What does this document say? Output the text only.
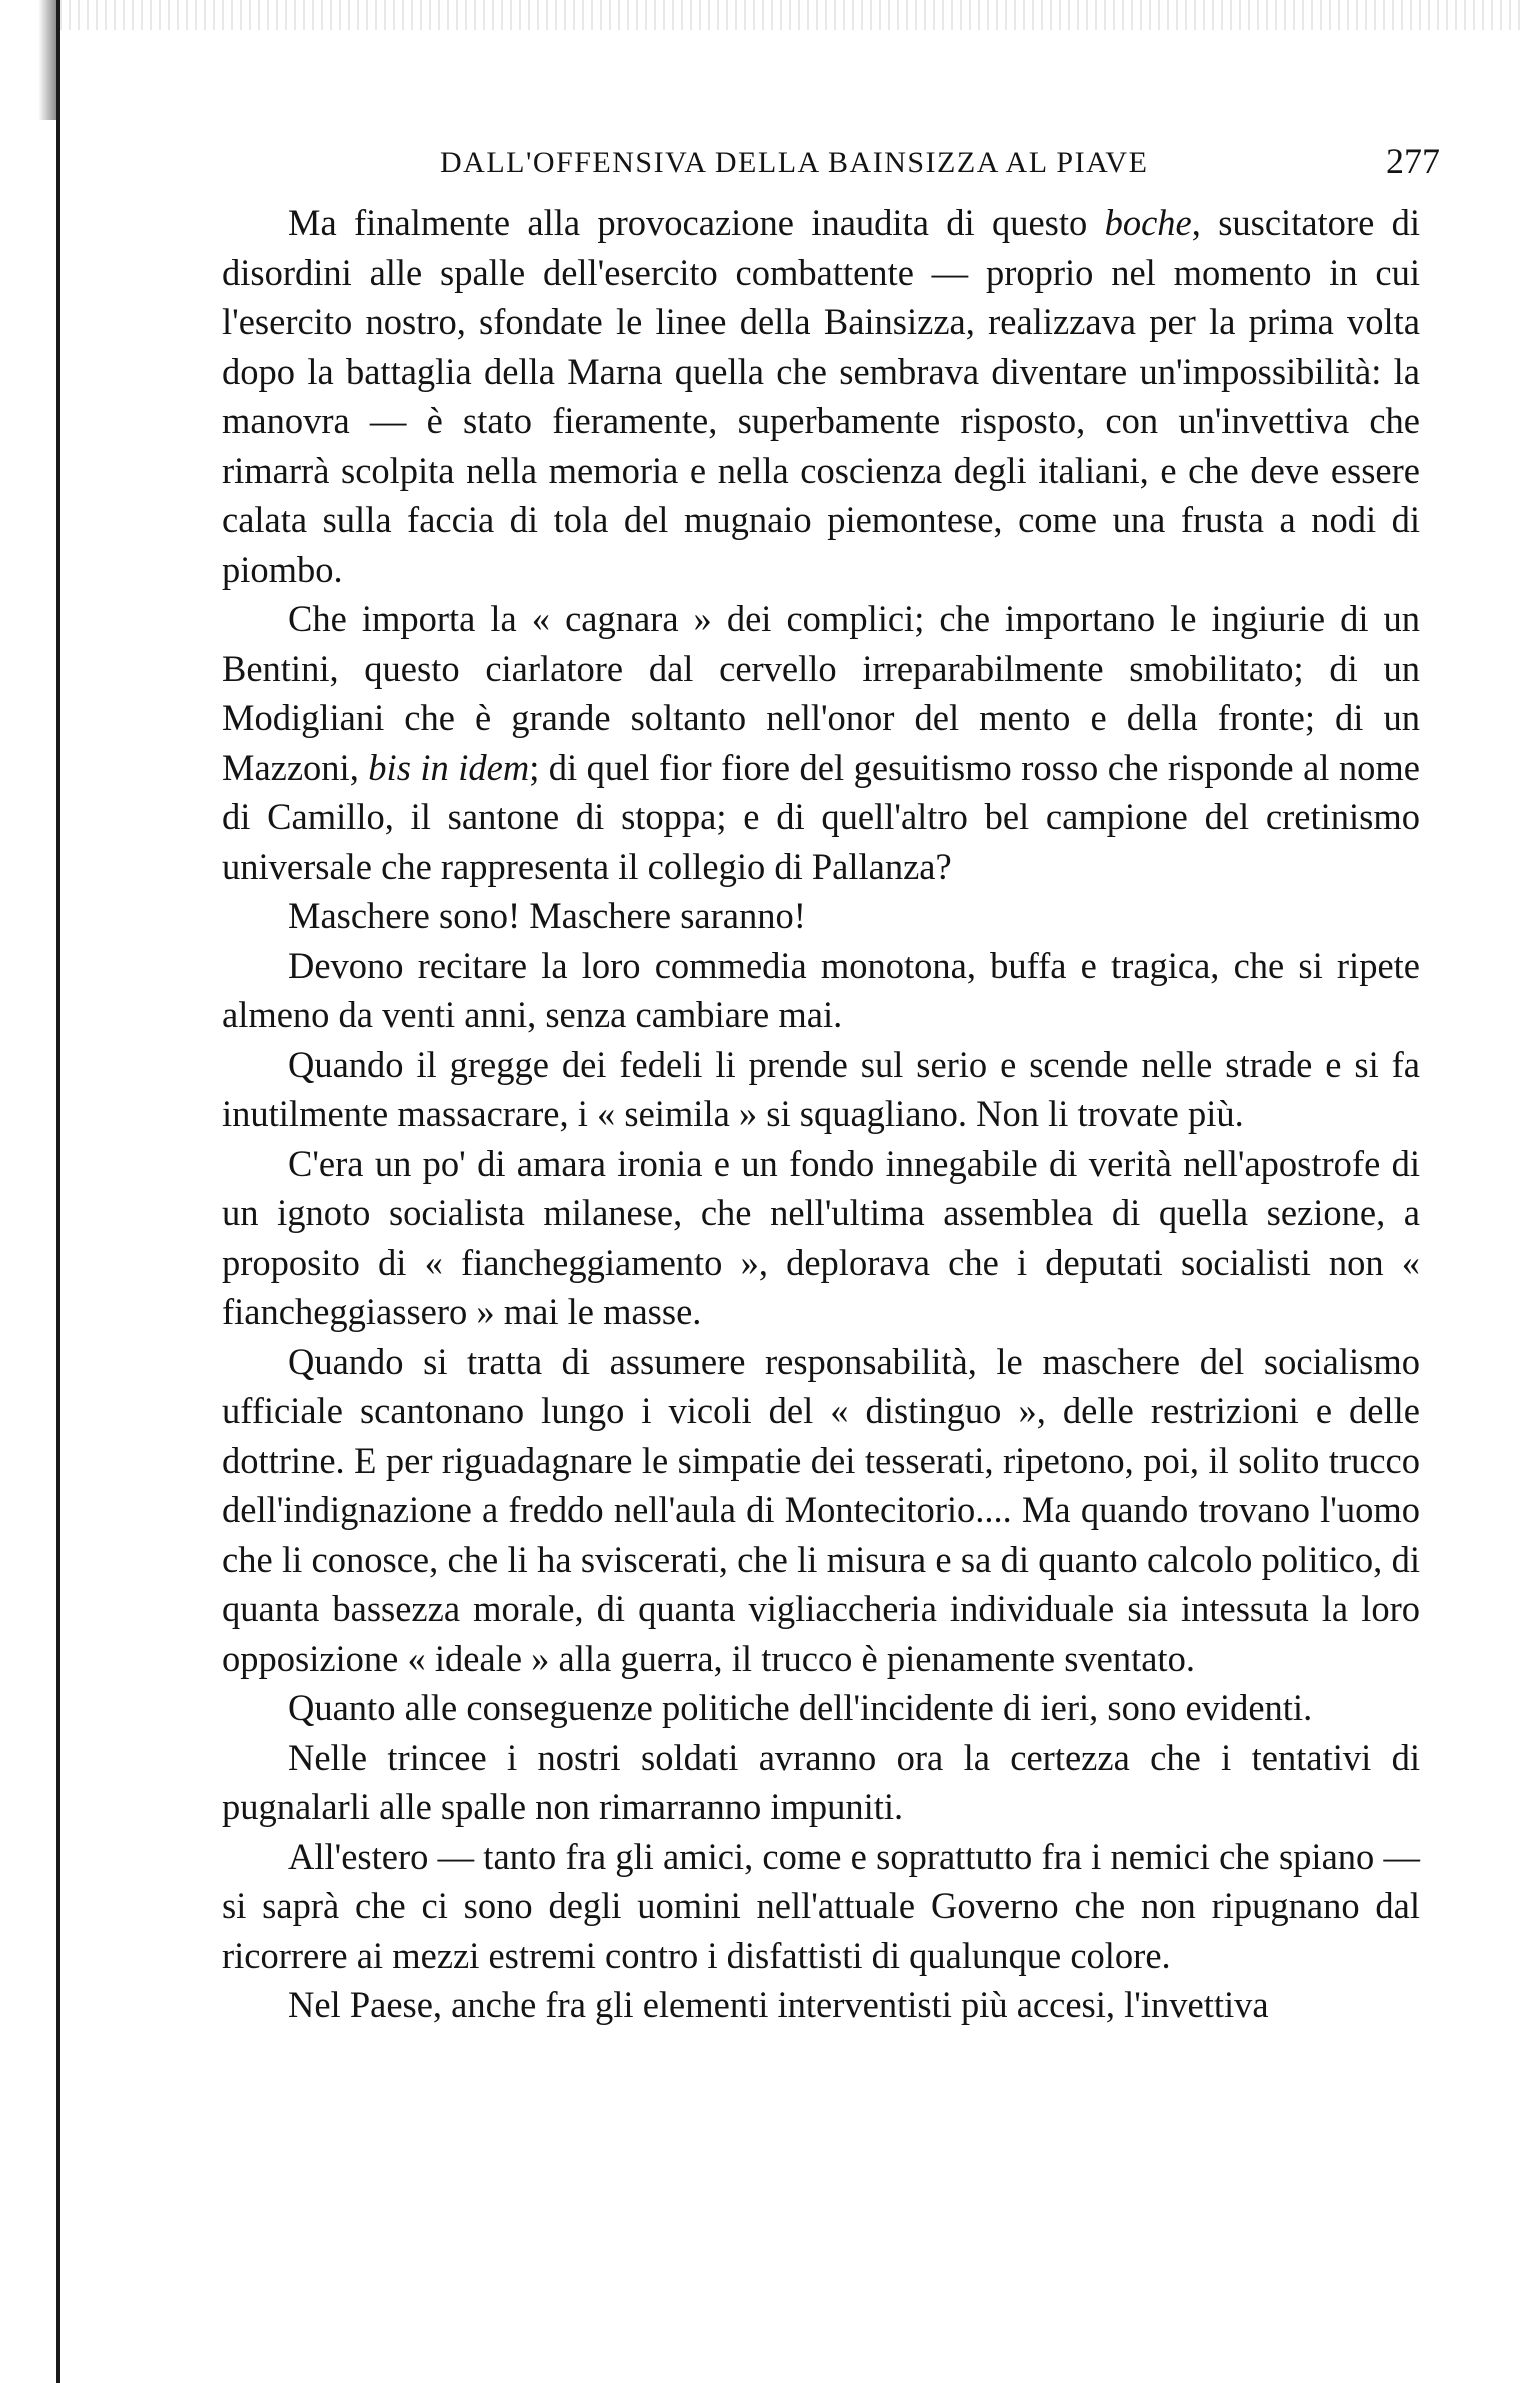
DALL'OFFENSIVA DELLA BAINSIZZA AL PIAVE	277

Ma finalmente alla provocazione inaudita di questo boche, suscitatore di disordini alle spalle dell'esercito combattente — proprio nel momento in cui l'esercito nostro, sfondate le linee della Bainsizza, realizzava per la prima volta dopo la battaglia della Marna quella che sembrava diventare un'impossibilità: la manovra — è stato fieramente, superbamente risposto, con un'invettiva che rimarrà scolpita nella memoria e nella coscienza degli italiani, e che deve essere calata sulla faccia di tola del mugnaio piemontese, come una frusta a nodi di piombo.

Che importa la « cagnara » dei complici; che importano le ingiurie di un Bentini, questo ciarlatore dal cervello irreparabilmente smobilitato; di un Modigliani che è grande soltanto nell'onor del mento e della fronte; di un Mazzoni, bis in idem; di quel fior fiore del gesuitismo rosso che risponde al nome di Camillo, il santone di stoppa; e di quell'altro bel campione del cretinismo universale che rappresenta il collegio di Pallanza?

Maschere sono! Maschere saranno!

Devono recitare la loro commedia monotona, buffa e tragica, che si ripete almeno da venti anni, senza cambiare mai.

Quando il gregge dei fedeli li prende sul serio e scende nelle strade e si fa inutilmente massacrare, i « seimila » si squagliano. Non li trovate più.

C'era un po' di amara ironia e un fondo innegabile di verità nell'apostrofe di un ignoto socialista milanese, che nell'ultima assemblea di quella sezione, a proposito di « fiancheggiamento », deplorava che i deputati socialisti non « fiancheggiassero » mai le masse.

Quando si tratta di assumere responsabilità, le maschere del socialismo ufficiale scantonano lungo i vicoli del « distinguo », delle restrizioni e delle dottrine. E per riguadagnare le simpatie dei tesserati, ripetono, poi, il solito trucco dell'indignazione a freddo nell'aula di Montecitorio.... Ma quando trovano l'uomo che li conosce, che li ha sviscerati, che li misura e sa di quanto calcolo politico, di quanta bassezza morale, di quanta vigliaccheria individuale sia intessuta la loro opposizione « ideale » alla guerra, il trucco è pienamente sventato.

Quanto alle conseguenze politiche dell'incidente di ieri, sono evidenti.

Nelle trincee i nostri soldati avranno ora la certezza che i tentativi di pugnalarli alle spalle non rimarranno impuniti.

All'estero — tanto fra gli amici, come e soprattutto fra i nemici che spiano — si saprà che ci sono degli uomini nell'attuale Governo che non ripugnano dal ricorrere ai mezzi estremi contro i disfattisti di qualunque colore.

Nel Paese, anche fra gli elementi interventisti più accesi, l'invettiva
